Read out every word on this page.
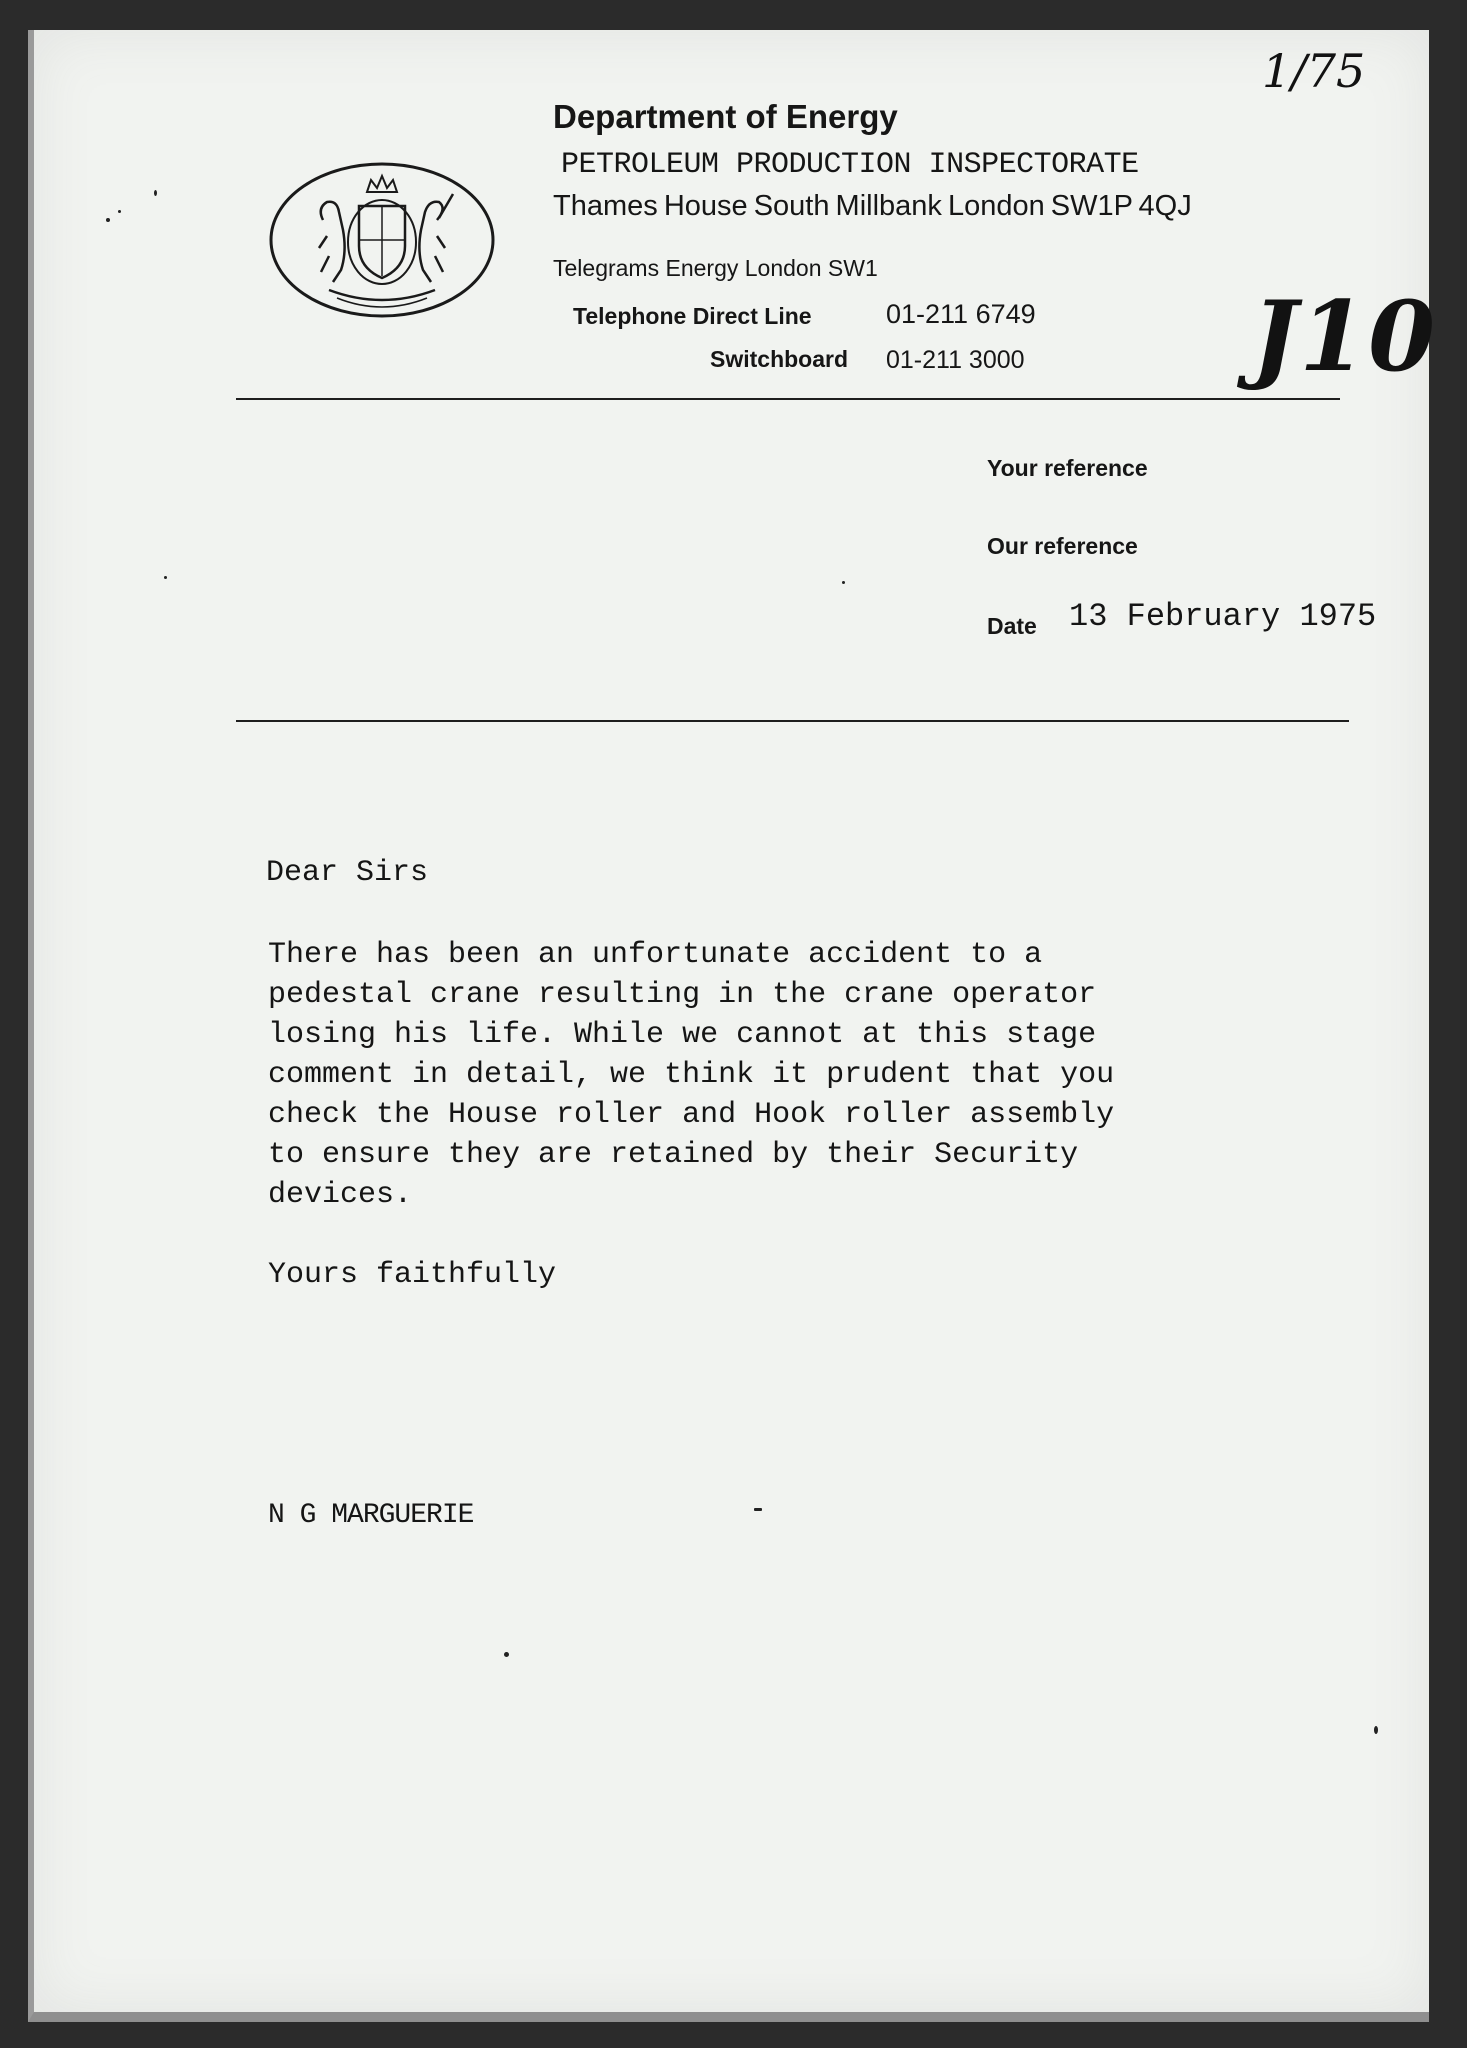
1/75
J10
Department of Energy
PETROLEUM PRODUCTION INSPECTORATE
Thames House South Millbank London SW1P 4QJ
Telegrams Energy London SW1
Telephone Direct Line	01-211 6749
Switchboard 01-211 3000
Your reference
Our reference
Date 13 February 1975
Dear Sirs
There has been an unfortunate accident to a
pedestal crane resulting in the crane operator
losing his life. While we cannot at this stage
comment in detail, we think it prudent that you
check the House roller and Hook roller assembly
to ensure they are retained by their Security
devices.
Yours faithfully
N G MARGUERIE
